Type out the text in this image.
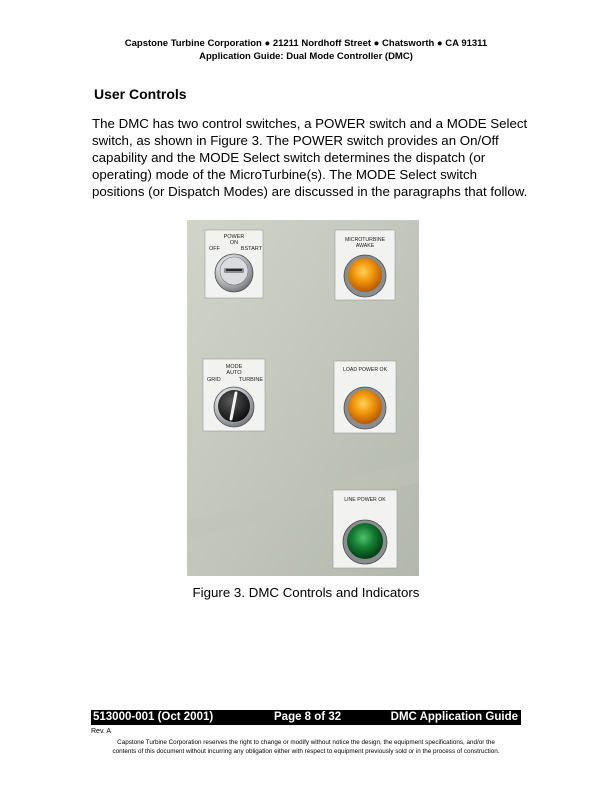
Capstone Turbine Corporation ● 21211 Nordhoff Street ● Chatsworth ● CA 91311
Application Guide: Dual Mode Controller (DMC)
User Controls

The DMC has two control switches, a POWER switch and a MODE Select switch, as shown in Figure 3. The POWER switch provides an On/Off capability and the MODE Select switch determines the dispatch (or operating) mode of the MicroTurbine(s). The MODE Select switch positions (or Dispatch Modes) are discussed in the paragraphs that follow.

POWER
ON
OFF	BSTART
MICROTURBINE
AWAKE
MODE
AUTO
GRID	TURBINE
LOAD POWER OK
LINE POWER OK
Figure 3. DMC Controls and Indicators
513000-001 (Oct 2001)	Page 8 of 32	DMC Application Guide
Rev. A

Capstone Turbine Corporation reserves the right to change or modify without notice the design, the equipment specifications, and/or the
contents of this document without incurring any obligation either with respect to equipment previously sold or in the process of construction.
